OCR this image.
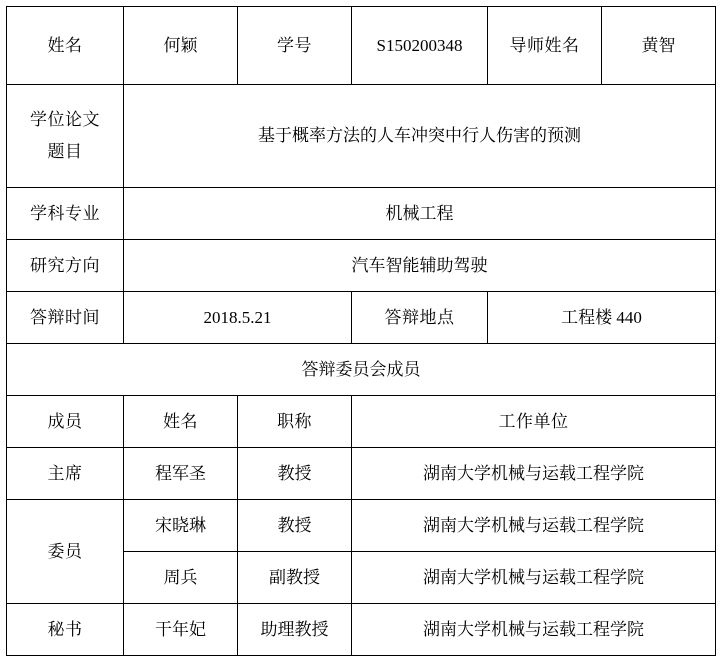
姓名	何颖	学号	S150200348	导师姓名	黄智

学位论文
题目	基于概率方法的人车冲突中行人伤害的预测				
学科专业	机械工程				
研究方向	汽车智能辅助驾驶				
答辩时间	2018.5.21		答辩地点	工程楼 440	
答辩委员会成员					
成员	姓名	职称	工作单位		
主席	程军圣	教授	湖南大学机械与运载工程学院		
委员	宋晓琳	教授	湖南大学机械与运载工程学院		
	周兵	副教授	湖南大学机械与运载工程学院		
秘书	干年妃	助理教授	湖南大学机械与运载工程学院		
